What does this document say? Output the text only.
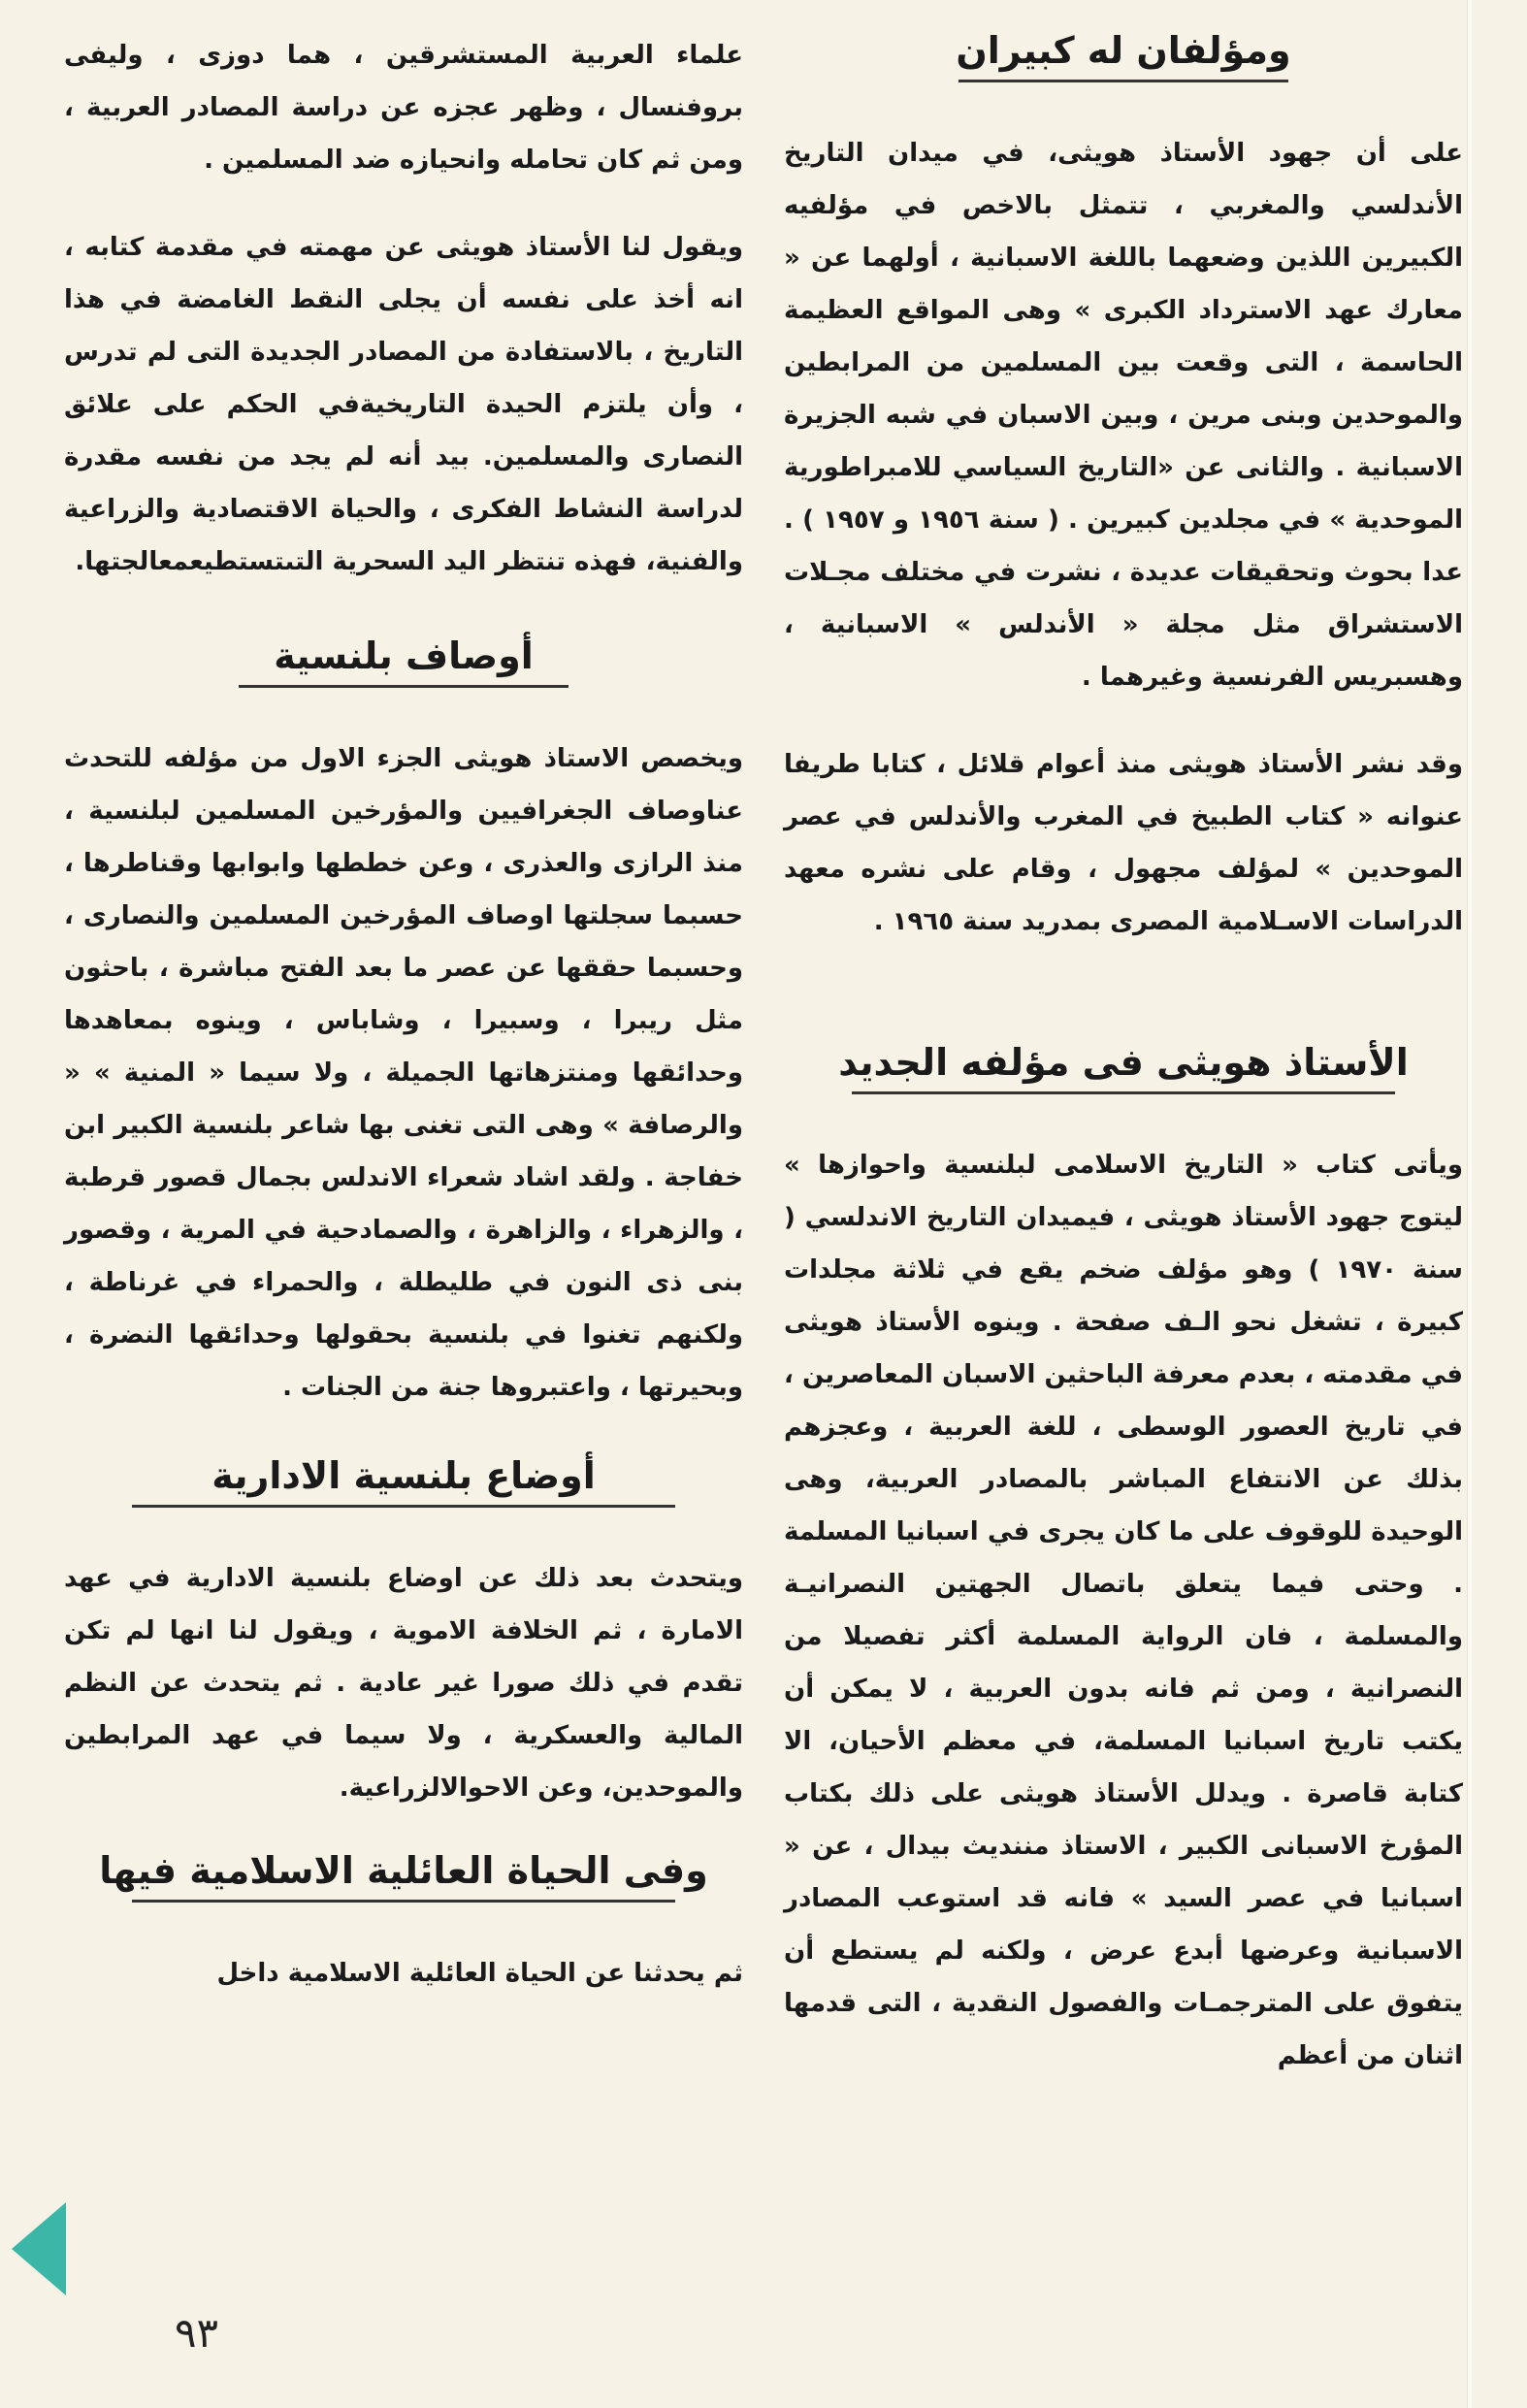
ومؤلفان له كبيران

على أن جهود الأستاذ هويثى، في ميدان التاريخ الأندلسي والمغربي ، تتمثل بالاخص في مؤلفيه الكبيرين اللذين وضعهما باللغة الاسبانية ، أولهما عن « معارك عهد الاسترداد الكبرى » وهى المواقع العظيمة الحاسمة ، التى وقعت بين المسلمين من المرابطين والموحدين وبنى مرين ، وبين الاسبان في شبه الجزيرة الاسبانية . والثانى عن «التاريخ السياسي للامبراطورية الموحدية » في مجلدين كبيرين . ( سنة ١٩٥٦ و ١٩٥٧ ) . عدا بحوث وتحقيقات عديدة ، نشرت في مختلف مجـلات الاستشراق مثل مجلة « الأندلس » الاسبانية ، وهسبريس الفرنسية وغيرهما .

وقد نشر الأستاذ هويثى منذ أعوام قلائل ، كتابا طريفا عنوانه « كتاب الطبيخ في المغرب والأندلس في عصر الموحدين » لمؤلف مجهول ، وقام على نشره معهد الدراسات الاسـلامية المصرى بمدريد سنة ١٩٦٥ .

الأستاذ هويثى فى مؤلفه الجديد

ويأتى كتاب « التاريخ الاسلامى لبلنسية واحوازها » ليتوج جهود الأستاذ هويثى ، فيميدان التاريخ الاندلسي ( سنة ١٩٧٠ ) وهو مؤلف ضخم يقع في ثلاثة مجلدات كبيرة ، تشغل نحو الـف صفحة . وينوه الأستاذ هويثى في مقدمته ، بعدم معرفة الباحثين الاسبان المعاصرين ، في تاريخ العصور الوسطى ، للغة العربية ، وعجزهم بذلك عن الانتفاع المباشر بالمصادر العربية، وهى الوحيدة للوقوف على ما كان يجرى في اسبانيا المسلمة . وحتى فيما يتعلق باتصال الجهتين النصرانيـة والمسلمة ، فان الرواية المسلمة أكثر تفصيلا من النصرانية ، ومن ثم فانه بدون العربية ، لا يمكن أن يكتب تاريخ اسبانيا المسلمة، في معظم الأحيان، الا كتابة قاصرة . ويدلل الأستاذ هويثى على ذلك بكتاب المؤرخ الاسبانى الكبير ، الاستاذ مننديث بيدال ، عن « اسبانيا في عصر السيد » فانه قد استوعب المصادر الاسبانية وعرضها أبدع عرض ، ولكنه لم يستطع أن يتفوق على المترجمـات والفصول النقدية ، التى قدمها اثنان من أعظم

علماء العربية المستشرقين ، هما دوزى ، وليفى بروفنسال ، وظهر عجزه عن دراسة المصادر العربية ، ومن ثم كان تحامله وانحيازه ضد المسلمين .

ويقول لنا الأستاذ هويثى عن مهمته في مقدمة كتابه ، انه أخذ على نفسه أن يجلى النقط الغامضة في هذا التاريخ ، بالاستفادة من المصادر الجديدة التى لم تدرس ، وأن يلتزم الحيدة التاريخيةفي الحكم على علائق النصارى والمسلمين. بيد أنه لم يجد من نفسه مقدرة لدراسة النشاط الفكرى ، والحياة الاقتصادية والزراعية والفنية، فهذه تنتظر اليد السحرية التىتستطيعمعالجتها.

أوصاف بلنسية

ويخصص الاستاذ هويثى الجزء الاول من مؤلفه للتحدث عناوصاف الجغرافيين والمؤرخين المسلمين لبلنسية ، منذ الرازى والعذرى ، وعن خططها وابوابها وقناطرها ، حسبما سجلتها اوصاف المؤرخين المسلمين والنصارى ، وحسبما حققها عن عصر ما بعد الفتح مباشرة ، باحثون مثل ريبرا ، وسبيرا ، وشاباس ، وينوه بمعاهدها وحدائقها ومنتزهاتها الجميلة ، ولا سيما « المنية » « والرصافة » وهى التى تغنى بها شاعر بلنسية الكبير ابن خفاجة . ولقد اشاد شعراء الاندلس بجمال قصور قرطبة ، والزهراء ، والزاهرة ، والصمادحية في المرية ، وقصور بنى ذى النون في طليطلة ، والحمراء في غرناطة ، ولكنهم تغنوا في بلنسية بحقولها وحدائقها النضرة ، وبحيرتها ، واعتبروها جنة من الجنات .

أوضاع بلنسية الادارية

ويتحدث بعد ذلك عن اوضاع بلنسية الادارية في عهد الامارة ، ثم الخلافة الاموية ، ويقول لنا انها لم تكن تقدم في ذلك صورا غير عادية . ثم يتحدث عن النظم المالية والعسكرية ، ولا سيما في عهد المرابطين والموحدين، وعن الاحوالالزراعية.

وفى الحياة العائلية الاسلامية فيها

ثم يحدثنا عن الحياة العائلية الاسلامية داخل

٩٣
